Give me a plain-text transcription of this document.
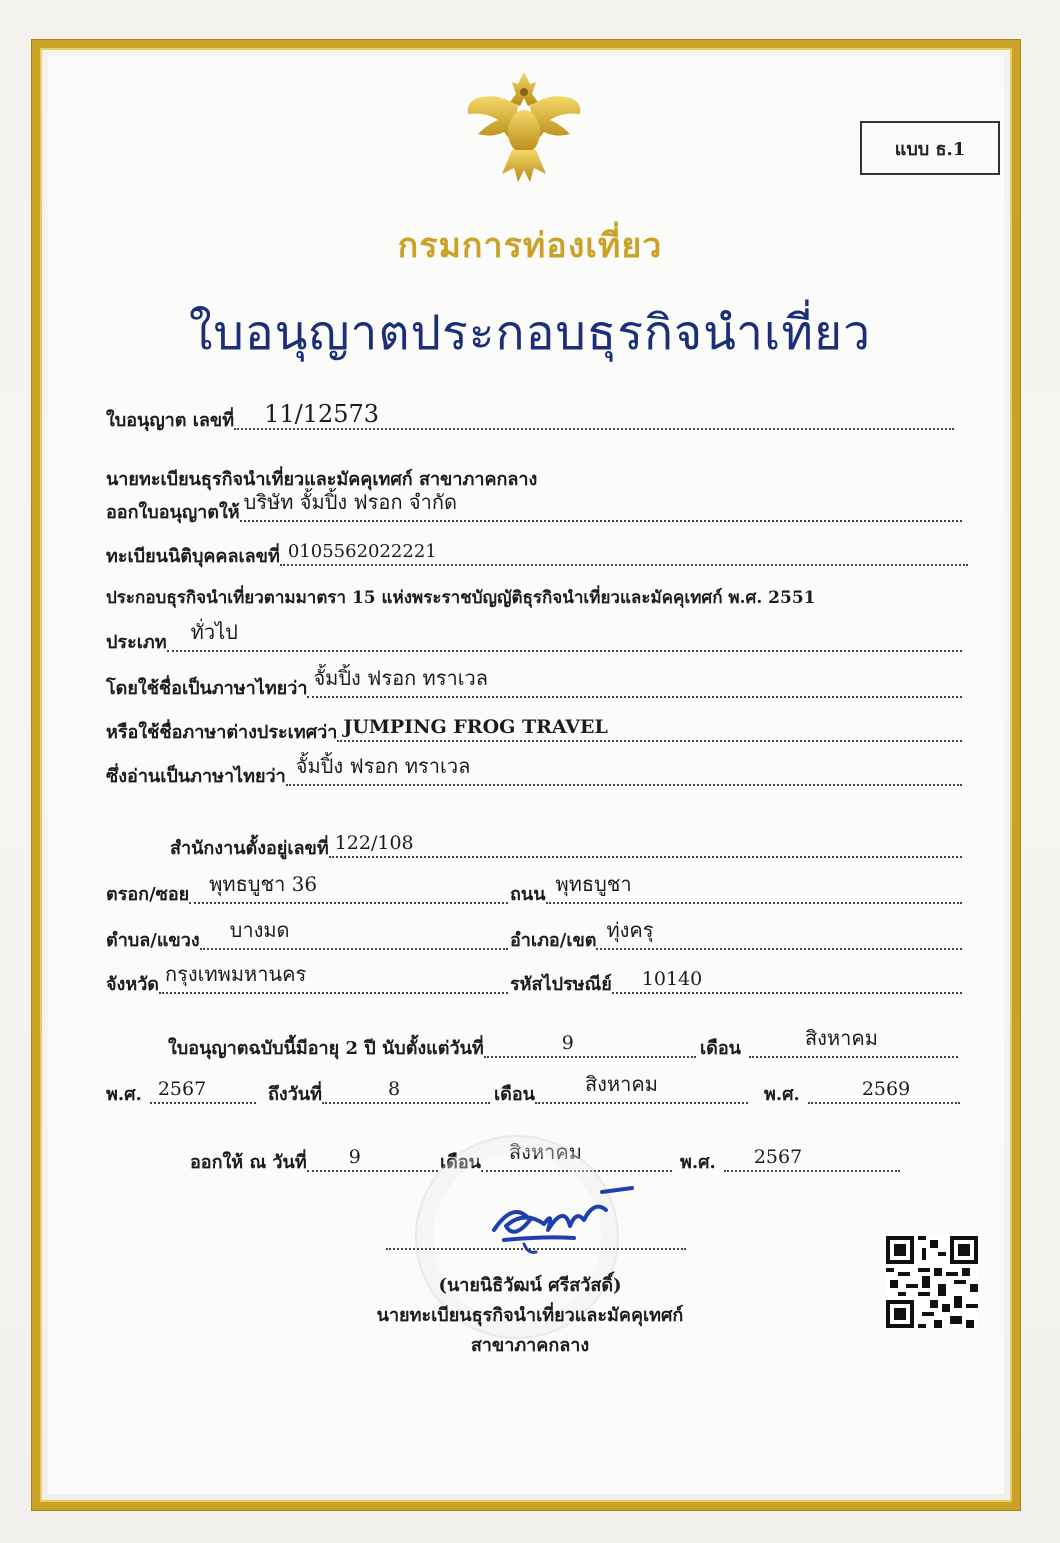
แบบ ธ.1
กรมการท่องเที่ยว
ใบอนุญาตประกอบธุรกิจนำเที่ยว
ใบอนุญาต เลขที่ 11/12573
นายทะเบียนธุรกิจนำเที่ยวและมัคคุเทศก์ สาขาภาคกลาง
ออกใบอนุญาตให้ บริษัท จั้มปิ้ง ฟรอก จำกัด
ทะเบียนนิติบุคคลเลขที่ 0105562022221
ประกอบธุรกิจนำเที่ยวตามมาตรา 15 แห่งพระราชบัญญัติธุรกิจนำเที่ยวและมัคคุเทศก์ พ.ศ. 2551
ประเภท ทั่วไป
โดยใช้ชื่อเป็นภาษาไทยว่า จั้มปิ้ง ฟรอก ทราเวล
หรือใช้ชื่อภาษาต่างประเทศว่า JUMPING FROG TRAVEL
ซึ่งอ่านเป็นภาษาไทยว่า จั้มปิ้ง ฟรอก ทราเวล
สำนักงานตั้งอยู่เลขที่ 122/108
ตรอก/ซอย พุทธบูชา 36	ถนน พุทธบูชา
ตำบล/แขวง บางมด	อำเภอ/เขต ทุ่งครุ
จังหวัด กรุงเทพมหานคร	รหัสไปรษณีย์ 10140
ใบอนุญาตฉบับนี้มีอายุ 2 ปี นับตั้งแต่วันที่	9	เดือน	สิงหาคม
พ.ศ. 2567	ถึงวันที่	8	เดือน	สิงหาคม	พ.ศ.	2569
ออกให้ ณ วันที่ 9	เดือน สิงหาคม	พ.ศ. 2567
(นายนิธิวัฒน์ ศรีสวัสดิ์)
นายทะเบียนธุรกิจนำเที่ยวและมัคคุเทศก์
สาขาภาคกลาง
